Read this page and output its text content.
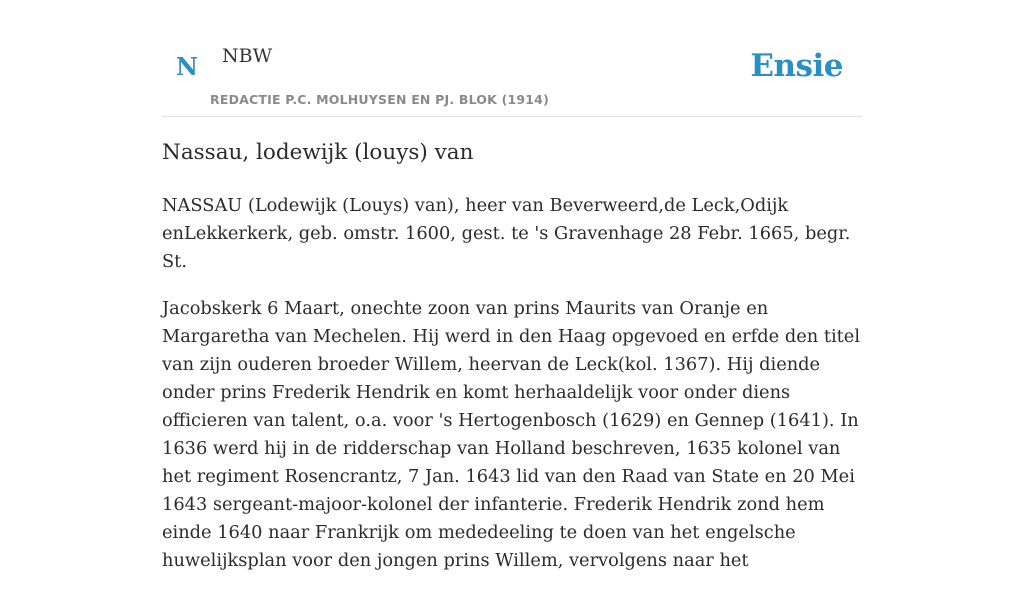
N NBW
REDACTIE P.C. MOLHUYSEN EN PJ. BLOK (1914)
Ensie
Nassau, lodewijk (louys) van

NASSAU (Lodewijk (Louys) van), heer van Beverweerd,de Leck,Odijk enLekkerkerk, geb. omstr. 1600, gest. te 's Gravenhage 28 Febr. 1665, begr. St.

Jacobskerk 6 Maart, onechte zoon van prins Maurits van Oranje en Margaretha van Mechelen. Hij werd in den Haag opgevoed en erfde den titel van zijn ouderen broeder Willem, heervan de Leck(kol. 1367). Hij diende onder prins Frederik Hendrik en komt herhaaldelijk voor onder diens officieren van talent, o.a. voor 's Hertogenbosch (1629) en Gennep (1641). In 1636 werd hij in de ridderschap van Holland beschreven, 1635 kolonel van het regiment Rosencrantz, 7 Jan. 1643 lid van den Raad van State en 20 Mei 1643 sergeant-majoor-kolonel der infanterie. Frederik Hendrik zond hem einde 1640 naar Frankrijk om mededeeling te doen van het engelsche huwelijksplan voor den jongen prins Willem, vervolgens naar het
